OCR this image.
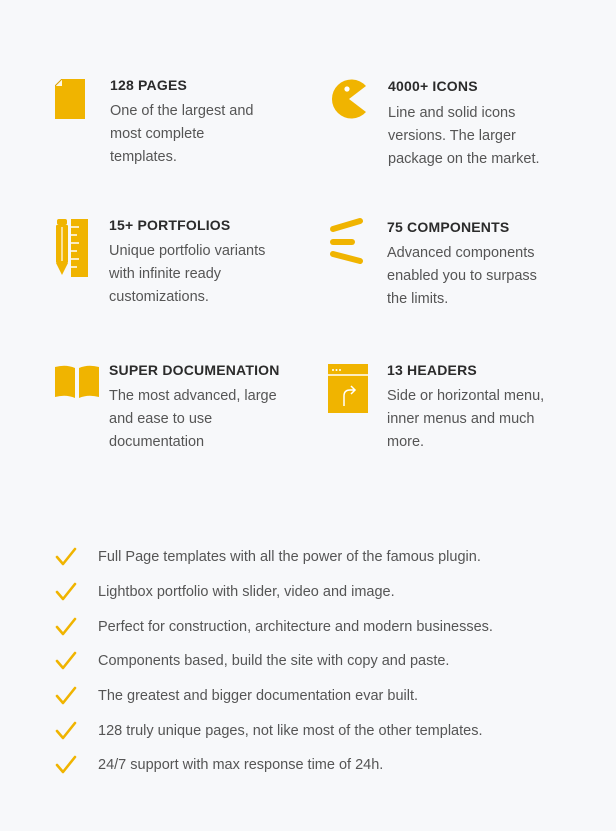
128 PAGES
One of the largest and
most complete
templates.
4000+ ICONS
Line and solid icons
versions. The larger
package on the market.
15+ PORTFOLIOS
Unique portfolio variants
with infinite ready
customizations.
75 COMPONENTS
Advanced components
enabled you to surpass
the limits.
SUPER DOCUMENATION
The most advanced, large
and ease to use
documentation
13 HEADERS
Side or horizontal menu,
inner menus and much
more.
Full Page templates with all the power of the famous plugin.
Lightbox portfolio with slider, video and image.
Perfect for construction, architecture and modern businesses.
Components based, build the site with copy and paste.
The greatest and bigger documentation evar built.
128 truly unique pages, not like most of the other templates.
24/7 support with max response time of 24h.
